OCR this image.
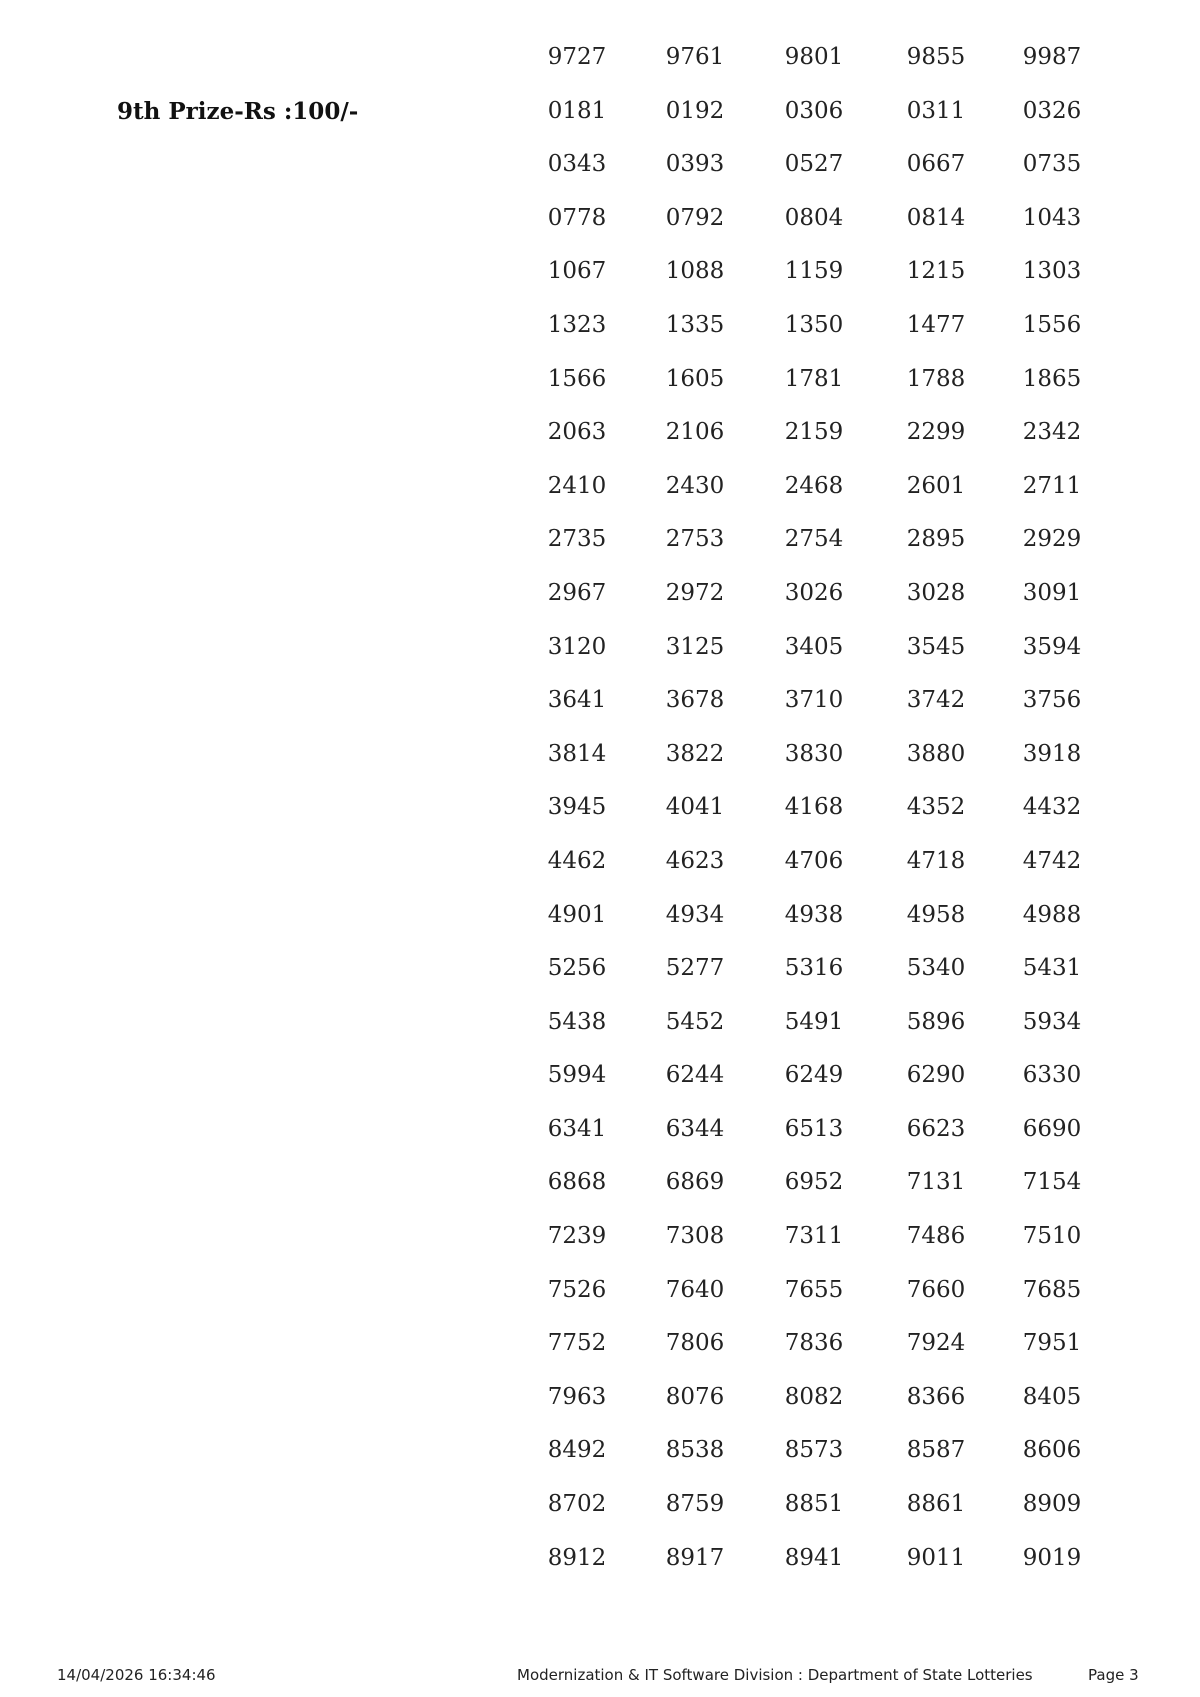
9th Prize-Rs :100/-
9727	9761	9801	9855	9987
0181	0192	0306	0311	0326
0343	0393	0527	0667	0735
0778	0792	0804	0814	1043
1067	1088	1159	1215	1303
1323	1335	1350	1477	1556
1566	1605	1781	1788	1865
2063	2106	2159	2299	2342
2410	2430	2468	2601	2711
2735	2753	2754	2895	2929
2967	2972	3026	3028	3091
3120	3125	3405	3545	3594
3641	3678	3710	3742	3756
3814	3822	3830	3880	3918
3945	4041	4168	4352	4432
4462	4623	4706	4718	4742
4901	4934	4938	4958	4988
5256	5277	5316	5340	5431
5438	5452	5491	5896	5934
5994	6244	6249	6290	6330
6341	6344	6513	6623	6690
6868	6869	6952	7131	7154
7239	7308	7311	7486	7510
7526	7640	7655	7660	7685
7752	7806	7836	7924	7951
7963	8076	8082	8366	8405
8492	8538	8573	8587	8606
8702	8759	8851	8861	8909
8912	8917	8941	9011	9019
14/04/2026 16:34:46	Modernization & IT Software Division : Department of State Lotteries	Page 3
